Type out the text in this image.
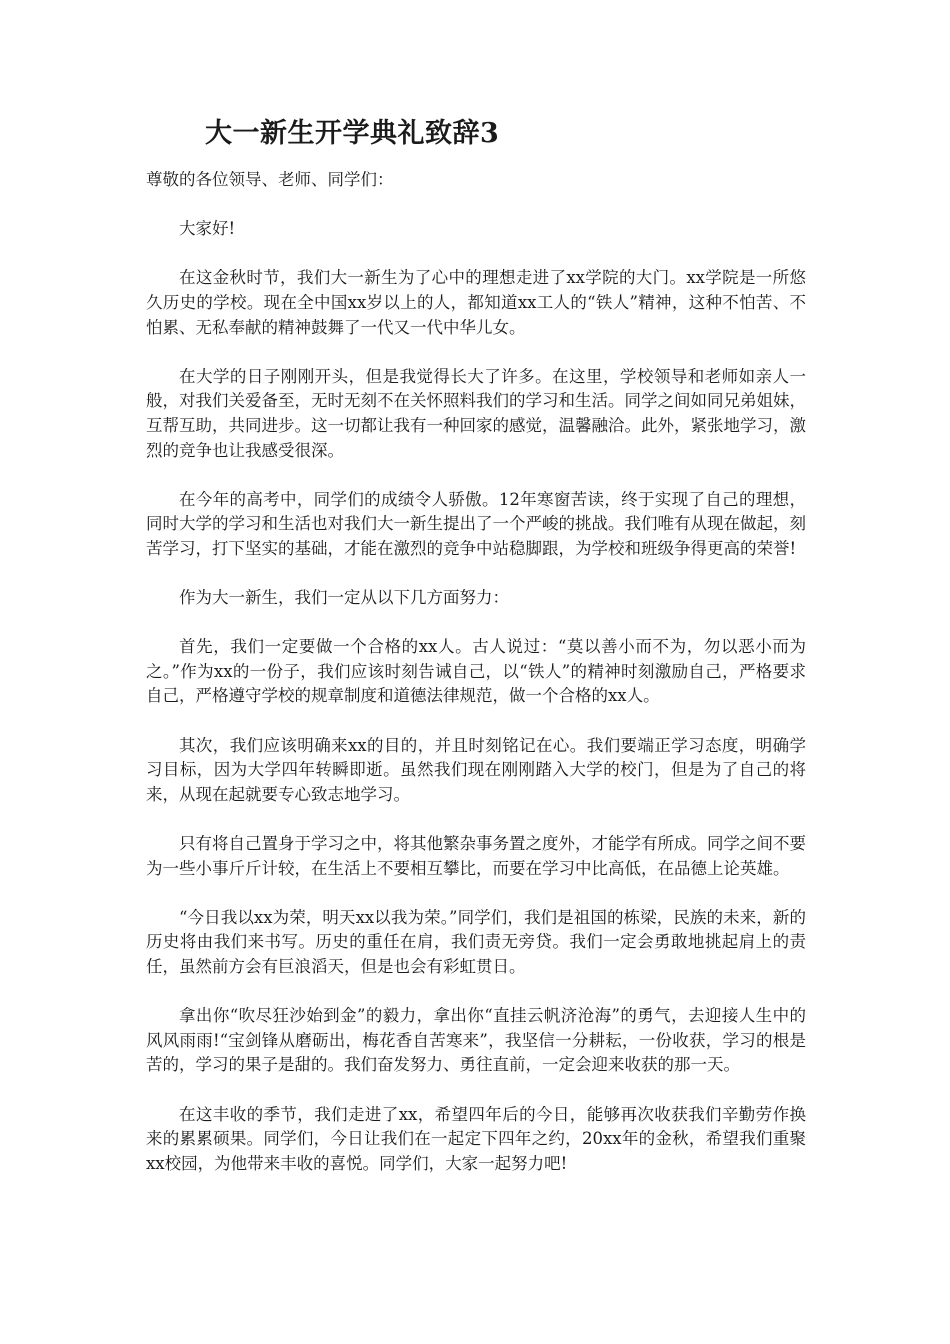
大一新生开学典礼致辞3

尊敬的各位领导、老师、同学们：

大家好!

在这金秋时节，我们大一新生为了心中的理想走进了xx学院的大门。xx学院是一所悠久历史的学校。现在全中国xx岁以上的人，都知道xx工人的“铁人”精神，这种不怕苦、不怕累、无私奉献的精神鼓舞了一代又一代中华儿女。

在大学的日子刚刚开头，但是我觉得长大了许多。在这里，学校领导和老师如亲人一般，对我们关爱备至，无时无刻不在关怀照料我们的学习和生活。同学之间如同兄弟姐妹，互帮互助，共同进步。这一切都让我有一种回家的感觉，温馨融洽。此外，紧张地学习，激烈的竞争也让我感受很深。

在今年的高考中，同学们的成绩令人骄傲。12年寒窗苦读，终于实现了自己的理想，同时大学的学习和生活也对我们大一新生提出了一个严峻的挑战。我们唯有从现在做起，刻苦学习，打下坚实的基础，才能在激烈的竞争中站稳脚跟，为学校和班级争得更高的荣誉!

作为大一新生，我们一定从以下几方面努力：

首先，我们一定要做一个合格的xx人。古人说过：“莫以善小而不为，勿以恶小而为之。”作为xx的一份子，我们应该时刻告诫自己，以“铁人”的精神时刻激励自己，严格要求自己，严格遵守学校的规章制度和道德法律规范，做一个合格的xx人。

其次，我们应该明确来xx的目的，并且时刻铭记在心。我们要端正学习态度，明确学习目标，因为大学四年转瞬即逝。虽然我们现在刚刚踏入大学的校门，但是为了自己的将来，从现在起就要专心致志地学习。

只有将自己置身于学习之中，将其他繁杂事务置之度外，才能学有所成。同学之间不要为一些小事斤斤计较，在生活上不要相互攀比，而要在学习中比高低，在品德上论英雄。

“今日我以xx为荣，明天xx以我为荣。”同学们，我们是祖国的栋梁，民族的未来，新的历史将由我们来书写。历史的重任在肩，我们责无旁贷。我们一定会勇敢地挑起肩上的责任，虽然前方会有巨浪滔天，但是也会有彩虹贯日。

拿出你“吹尽狂沙始到金”的毅力，拿出你“直挂云帆济沧海”的勇气，去迎接人生中的风风雨雨!“宝剑锋从磨砺出，梅花香自苦寒来”，我坚信一分耕耘，一份收获，学习的根是苦的，学习的果子是甜的。我们奋发努力、勇往直前，一定会迎来收获的那一天。

在这丰收的季节，我们走进了xx，希望四年后的今日，能够再次收获我们辛勤劳作换来的累累硕果。同学们，今日让我们在一起定下四年之约，20xx年的金秋，希望我们重聚xx校园，为他带来丰收的喜悦。同学们，大家一起努力吧!
